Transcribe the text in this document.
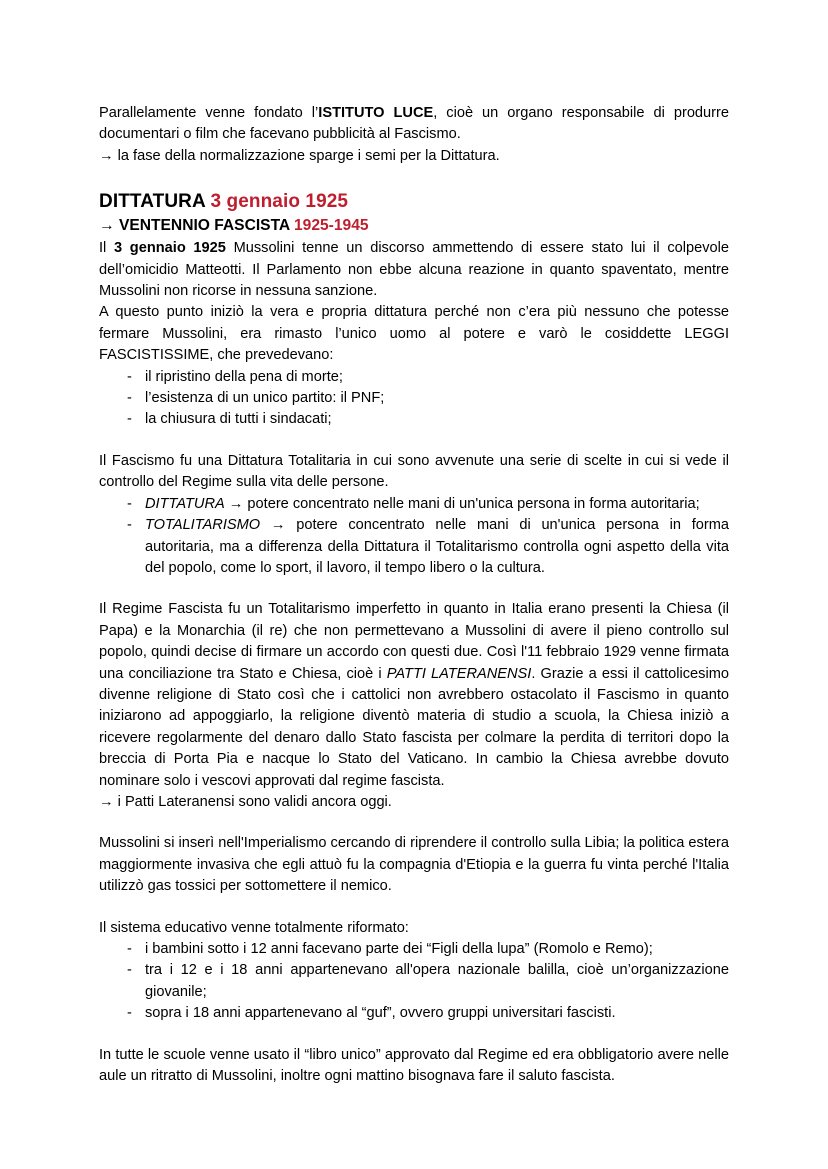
Parallelamente venne fondato l’ISTITUTO LUCE, cioè un organo responsabile di produrre documentari o film che facevano pubblicità al Fascismo.

→ la fase della normalizzazione sparge i semi per la Dittatura.

DITTATURA 3 gennaio 1925
→ VENTENNIO FASCISTA 1925-1945

Il 3 gennaio 1925 Mussolini tenne un discorso ammettendo di essere stato lui il colpevole dell’omicidio Matteotti. Il Parlamento non ebbe alcuna reazione in quanto spaventato, mentre Mussolini non ricorse in nessuna sanzione.

A questo punto iniziò la vera e propria dittatura perché non c’era più nessuno che potesse fermare Mussolini, era rimasto l’unico uomo al potere e varò le cosiddette LEGGI FASCISTISSIME, che prevedevano:

- il ripristino della pena di morte;
- l’esistenza di un unico partito: il PNF;
- la chiusura di tutti i sindacati;

Il Fascismo fu una Dittatura Totalitaria in cui sono avvenute una serie di scelte in cui si vede il controllo del Regime sulla vita delle persone.

- DITTATURA → potere concentrato nelle mani di un'unica persona in forma autoritaria;
- TOTALITARISMO → potere concentrato nelle mani di un'unica persona in forma autoritaria, ma a differenza della Dittatura il Totalitarismo controlla ogni aspetto della vita del popolo, come lo sport, il lavoro, il tempo libero o la cultura.

Il Regime Fascista fu un Totalitarismo imperfetto in quanto in Italia erano presenti la Chiesa (il Papa) e la Monarchia (il re) che non permettevano a Mussolini di avere il pieno controllo sul popolo, quindi decise di firmare un accordo con questi due. Così l'11 febbraio 1929 venne firmata una conciliazione tra Stato e Chiesa, cioè i PATTI LATERANENSI. Grazie a essi il cattolicesimo divenne religione di Stato così che i cattolici non avrebbero ostacolato il Fascismo in quanto iniziarono ad appoggiarlo, la religione diventò materia di studio a scuola, la Chiesa iniziò a ricevere regolarmente del denaro dallo Stato fascista per colmare la perdita di territori dopo la breccia di Porta Pia e nacque lo Stato del Vaticano. In cambio la Chiesa avrebbe dovuto nominare solo i vescovi approvati dal regime fascista.

→ i Patti Lateranensi sono validi ancora oggi.

Mussolini si inserì nell'Imperialismo cercando di riprendere il controllo sulla Libia; la politica estera maggiormente invasiva che egli attuò fu la compagnia d'Etiopia e la guerra fu vinta perché l'Italia utilizzò gas tossici per sottomettere il nemico.

Il sistema educativo venne totalmente riformato:

- i bambini sotto i 12 anni facevano parte dei “Figli della lupa” (Romolo e Remo);
- tra i 12 e i 18 anni appartenevano all'opera nazionale balilla, cioè un’organizzazione giovanile;
- sopra i 18 anni appartenevano al “guf”, ovvero gruppi universitari fascisti.

In tutte le scuole venne usato il “libro unico” approvato dal Regime ed era obbligatorio avere nelle aule un ritratto di Mussolini, inoltre ogni mattino bisognava fare il saluto fascista.
